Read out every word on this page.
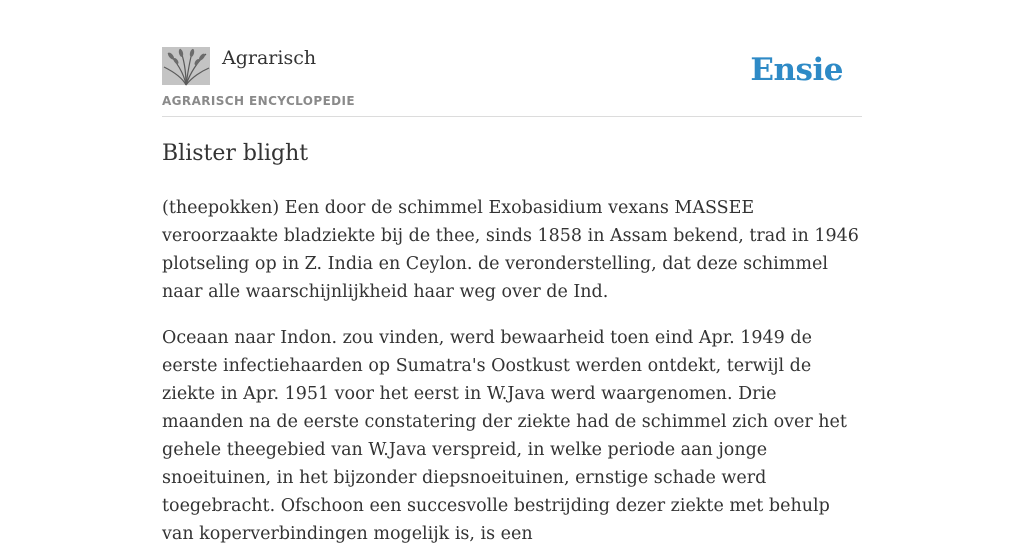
Agrarisch
AGRARISCH ENCYCLOPEDIE
Ensie
Blister blight

(theepokken) Een door de schimmel Exobasidium vexans MASSEE veroorzaakte bladziekte bij de thee, sinds 1858 in Assam bekend, trad in 1946 plotseling op in Z. India en Ceylon. de veronderstelling, dat deze schimmel naar alle waarschijnlijkheid haar weg over de Ind.

Oceaan naar Indon. zou vinden, werd bewaarheid toen eind Apr. 1949 de eerste infectiehaarden op Sumatra's Oostkust werden ontdekt, terwijl de ziekte in Apr. 1951 voor het eerst in W.Java werd waargenomen. Drie maanden na de eerste constatering der ziekte had de schimmel zich over het gehele theegebied van W.Java verspreid, in welke periode aan jonge snoeituinen, in het bijzonder diepsnoeituinen, ernstige schade werd toegebracht. Ofschoon een succesvolle bestrijding dezer ziekte met behulp van koperverbindingen mogelijk is, is een
